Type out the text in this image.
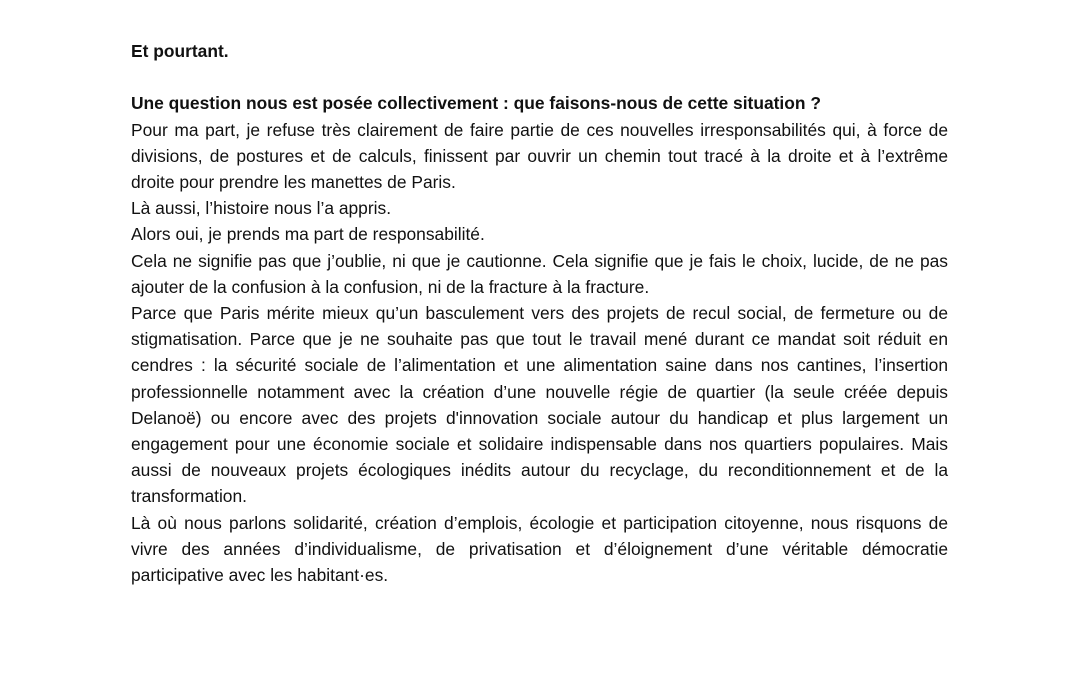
Et pourtant.

Une question nous est posée collectivement : que faisons-nous de cette situation ?

Pour ma part, je refuse très clairement de faire partie de ces nouvelles irresponsabilités qui, à force de divisions, de postures et de calculs, finissent par ouvrir un chemin tout tracé à la droite et à l’extrême droite pour prendre les manettes de Paris.

Là aussi, l’histoire nous l’a appris.

Alors oui, je prends ma part de responsabilité.

Cela ne signifie pas que j’oublie, ni que je cautionne. Cela signifie que je fais le choix, lucide, de ne pas ajouter de la confusion à la confusion, ni de la fracture à la fracture.

Parce que Paris mérite mieux qu’un basculement vers des projets de recul social, de fermeture ou de stigmatisation. Parce que je ne souhaite pas que tout le travail mené durant ce mandat soit réduit en cendres : la sécurité sociale de l’alimentation et une alimentation saine dans nos cantines, l’insertion professionnelle notamment avec la création d’une nouvelle régie de quartier (la seule créée depuis Delanoë) ou encore avec des projets d'innovation sociale autour du handicap et plus largement un engagement pour une économie sociale et solidaire indispensable dans nos quartiers populaires. Mais aussi de nouveaux projets écologiques inédits autour du recyclage, du reconditionnement et de la transformation.

Là où nous parlons solidarité, création d’emplois, écologie et participation citoyenne, nous risquons de vivre des années d’individualisme, de privatisation et d’éloignement d’une véritable démocratie participative avec les habitant·es.
